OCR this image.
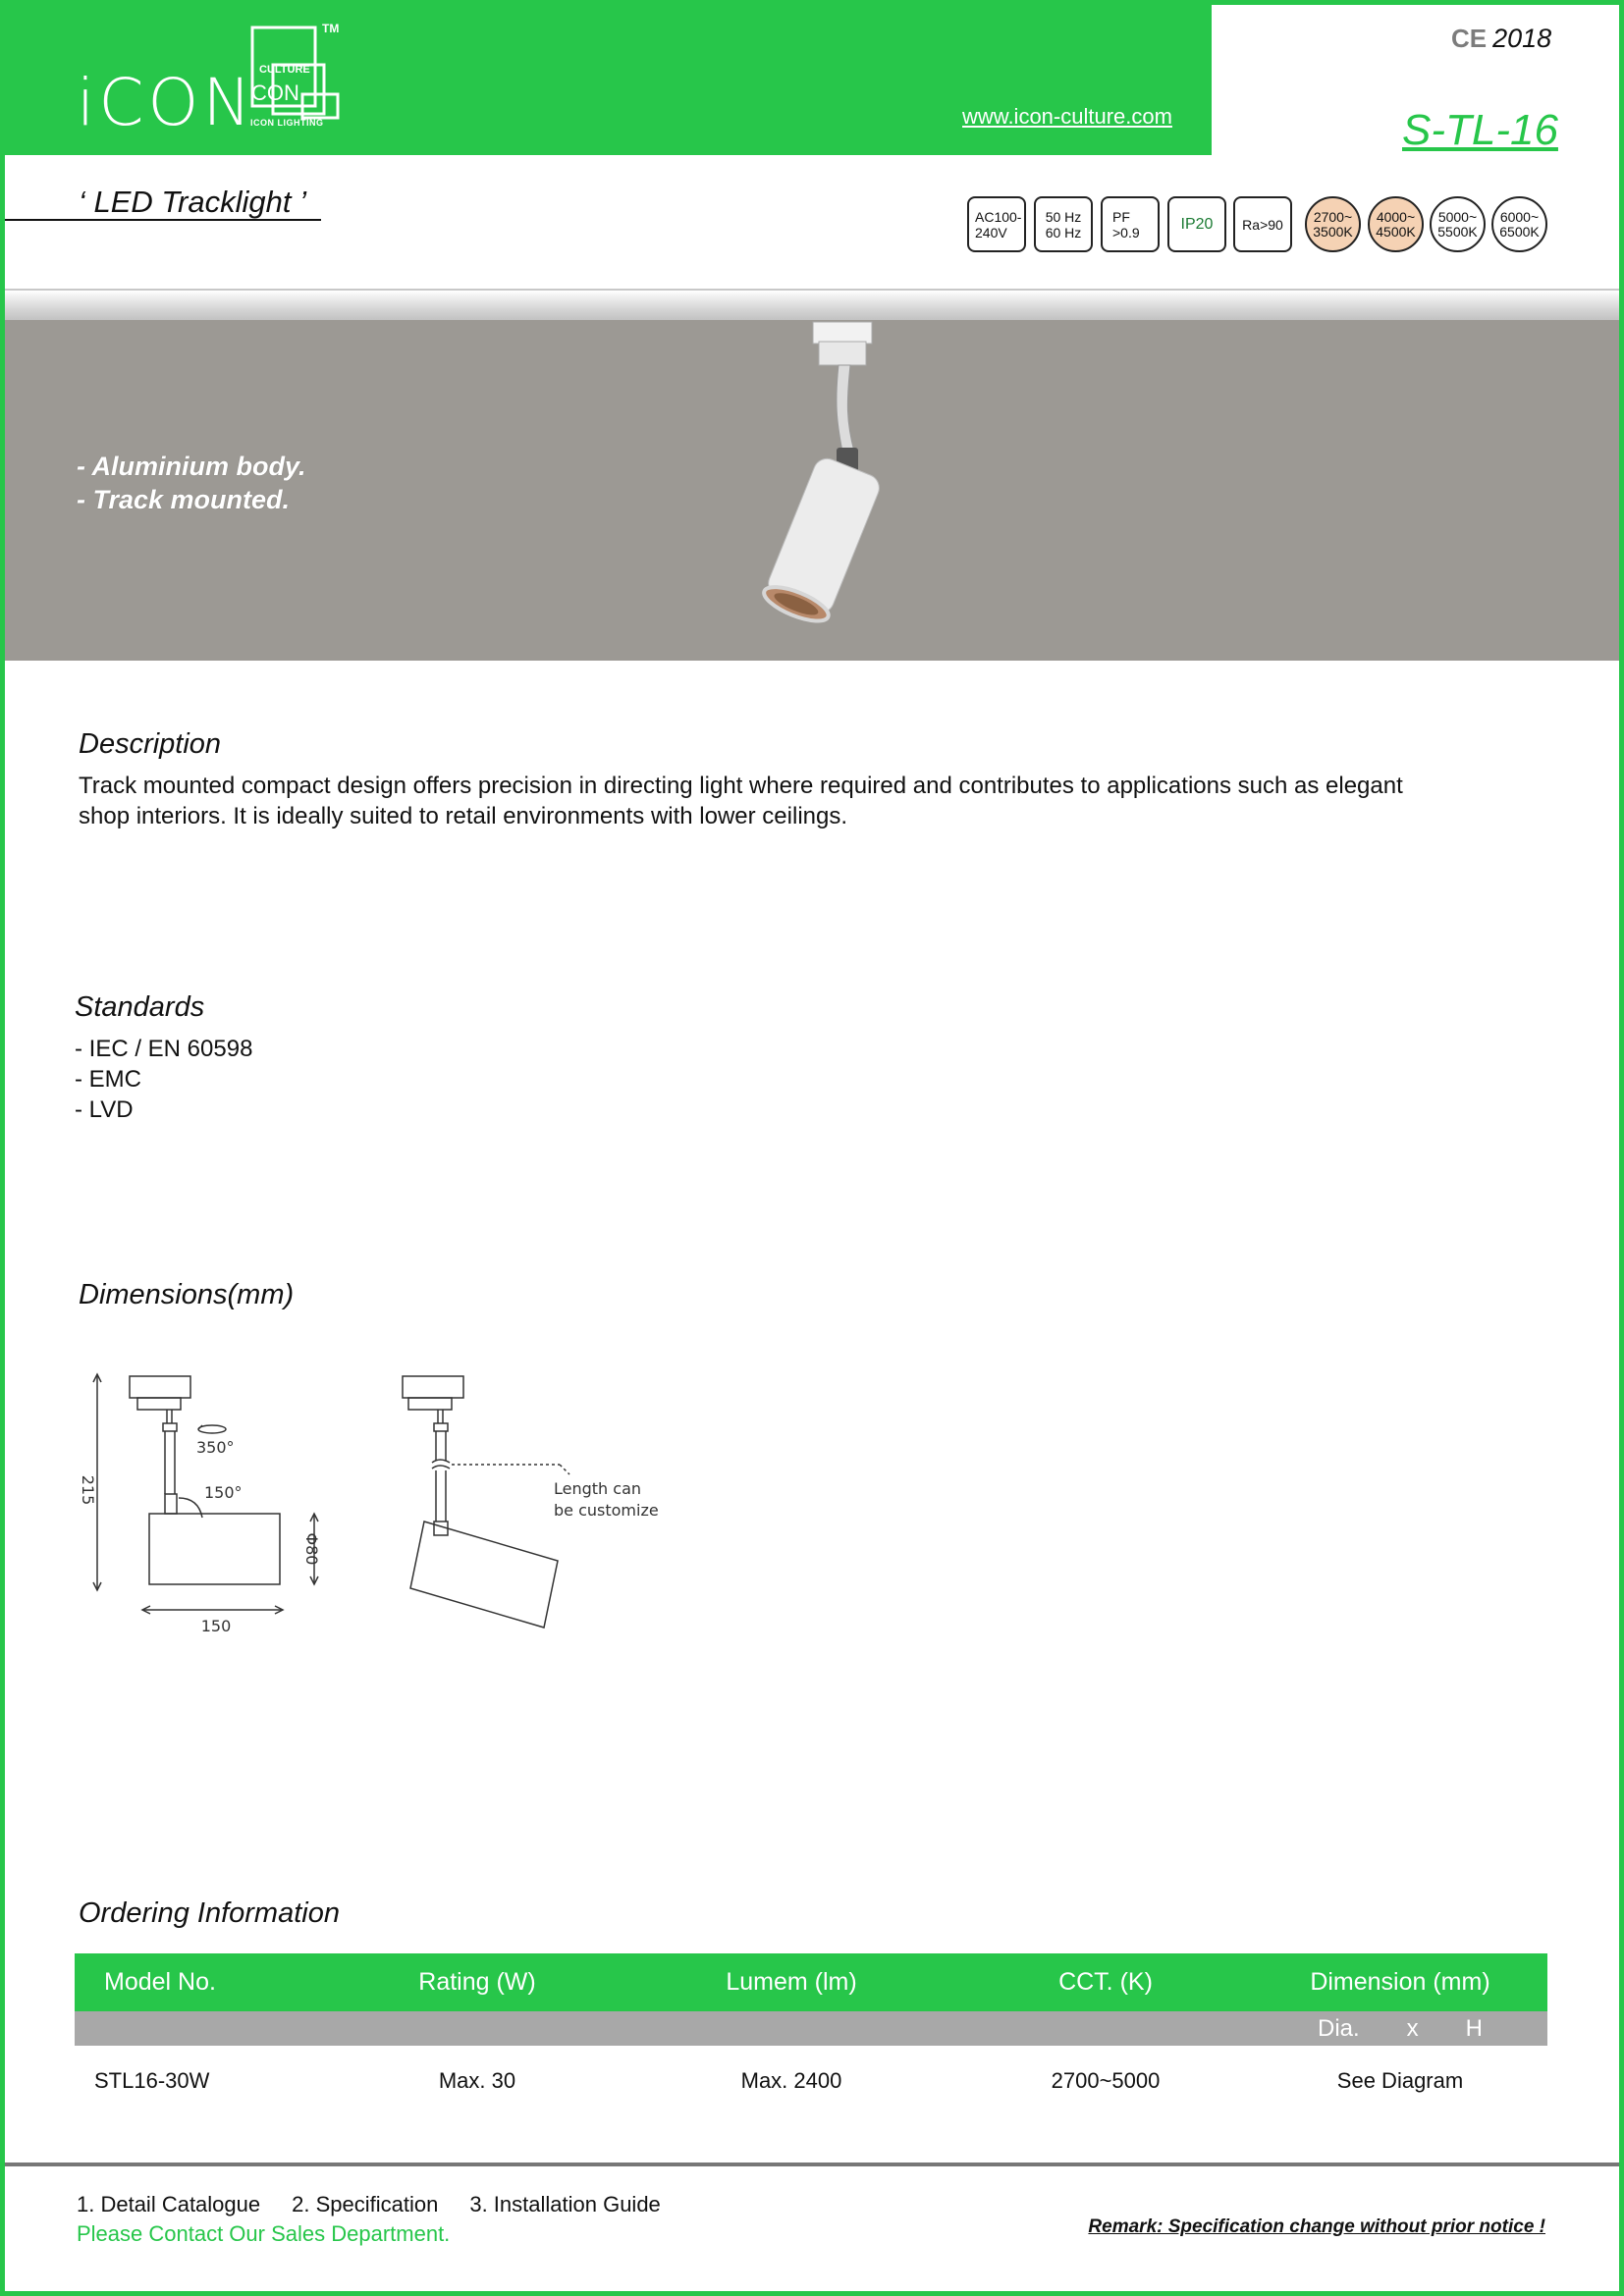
iCON CULTURE
CON
TM
ICON LIGHTING	www.icon-culture.com
CE 2018
S-TL-16
‘ LED Tracklight ’	AC100-
240V
50 Hz
60 Hz
PF
>0.9	IP20	Ra>90	2700~
3500K
4000~
4500K
5000~
5500K
6000~
6500K
- Aluminium body.
- Track mounted.
Description

Track mounted compact design offers precision in directing light where required and contributes to applications such as elegant shop interiors. It is ideally suited to retail environments with lower ceilings.

Standards
- IEC / EN 60598
- EMC
- LVD
Dimensions(mm)
215
350°
150°
Φ80
150
Length can
be customize
Ordering Information
Model No.	Rating (W)	Lumem (lm)	CCT. (K)	Dimension (mm)

				Dia. x H

STL16-30W	Max. 30	Max. 2400	2700~5000	See Diagram
1. Detail Catalogue 2. Specification 3. Installation Guide
Please Contact Our Sales Department.	Remark: Specification change without prior notice !
